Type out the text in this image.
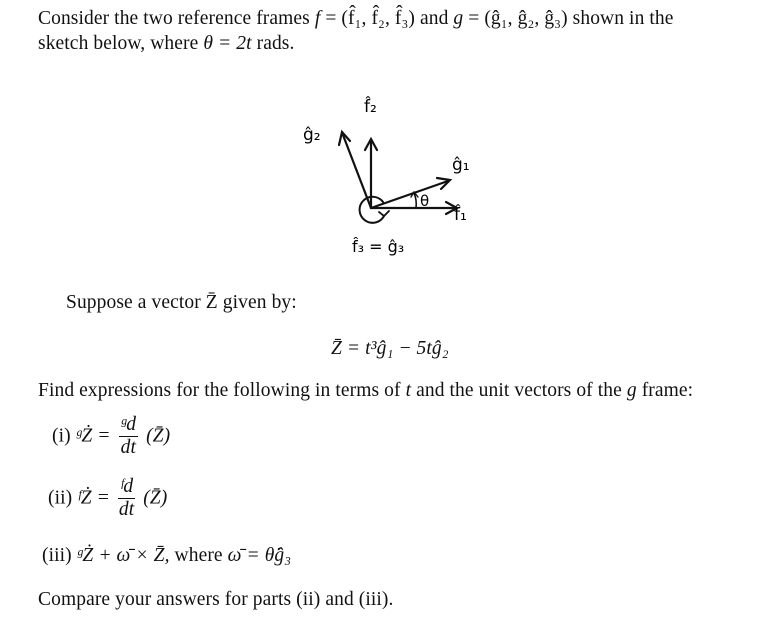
Consider the two reference frames f = (f̂₁, f̂₂, f̂₃) and g = (ĝ₁, ĝ₂, ĝ₃) shown in the
sketch below, where θ = 2t rads.
f̂₂
ĝ₂
ĝ₁
f̂₁
θ
f̂₃ = ĝ₃
Suppose a vector Z̄ given by:
Z̄ = t³ĝ₁ − 5tĝ₂
Find expressions for the following in terms of t and the unit vectors of the g frame:
(i) ᵍŻ = $\frac{\text{ᵍd}}{dt}$ (Z̄)
(ii) ᶠŻ = $\frac{\text{ᶠd}}{dt}$ (Z̄)
(iii) ᵍŻ + ω̄ × Z̄, where ω̄ = θ̇ĝ₃
Compare your answers for parts (ii) and (iii).
